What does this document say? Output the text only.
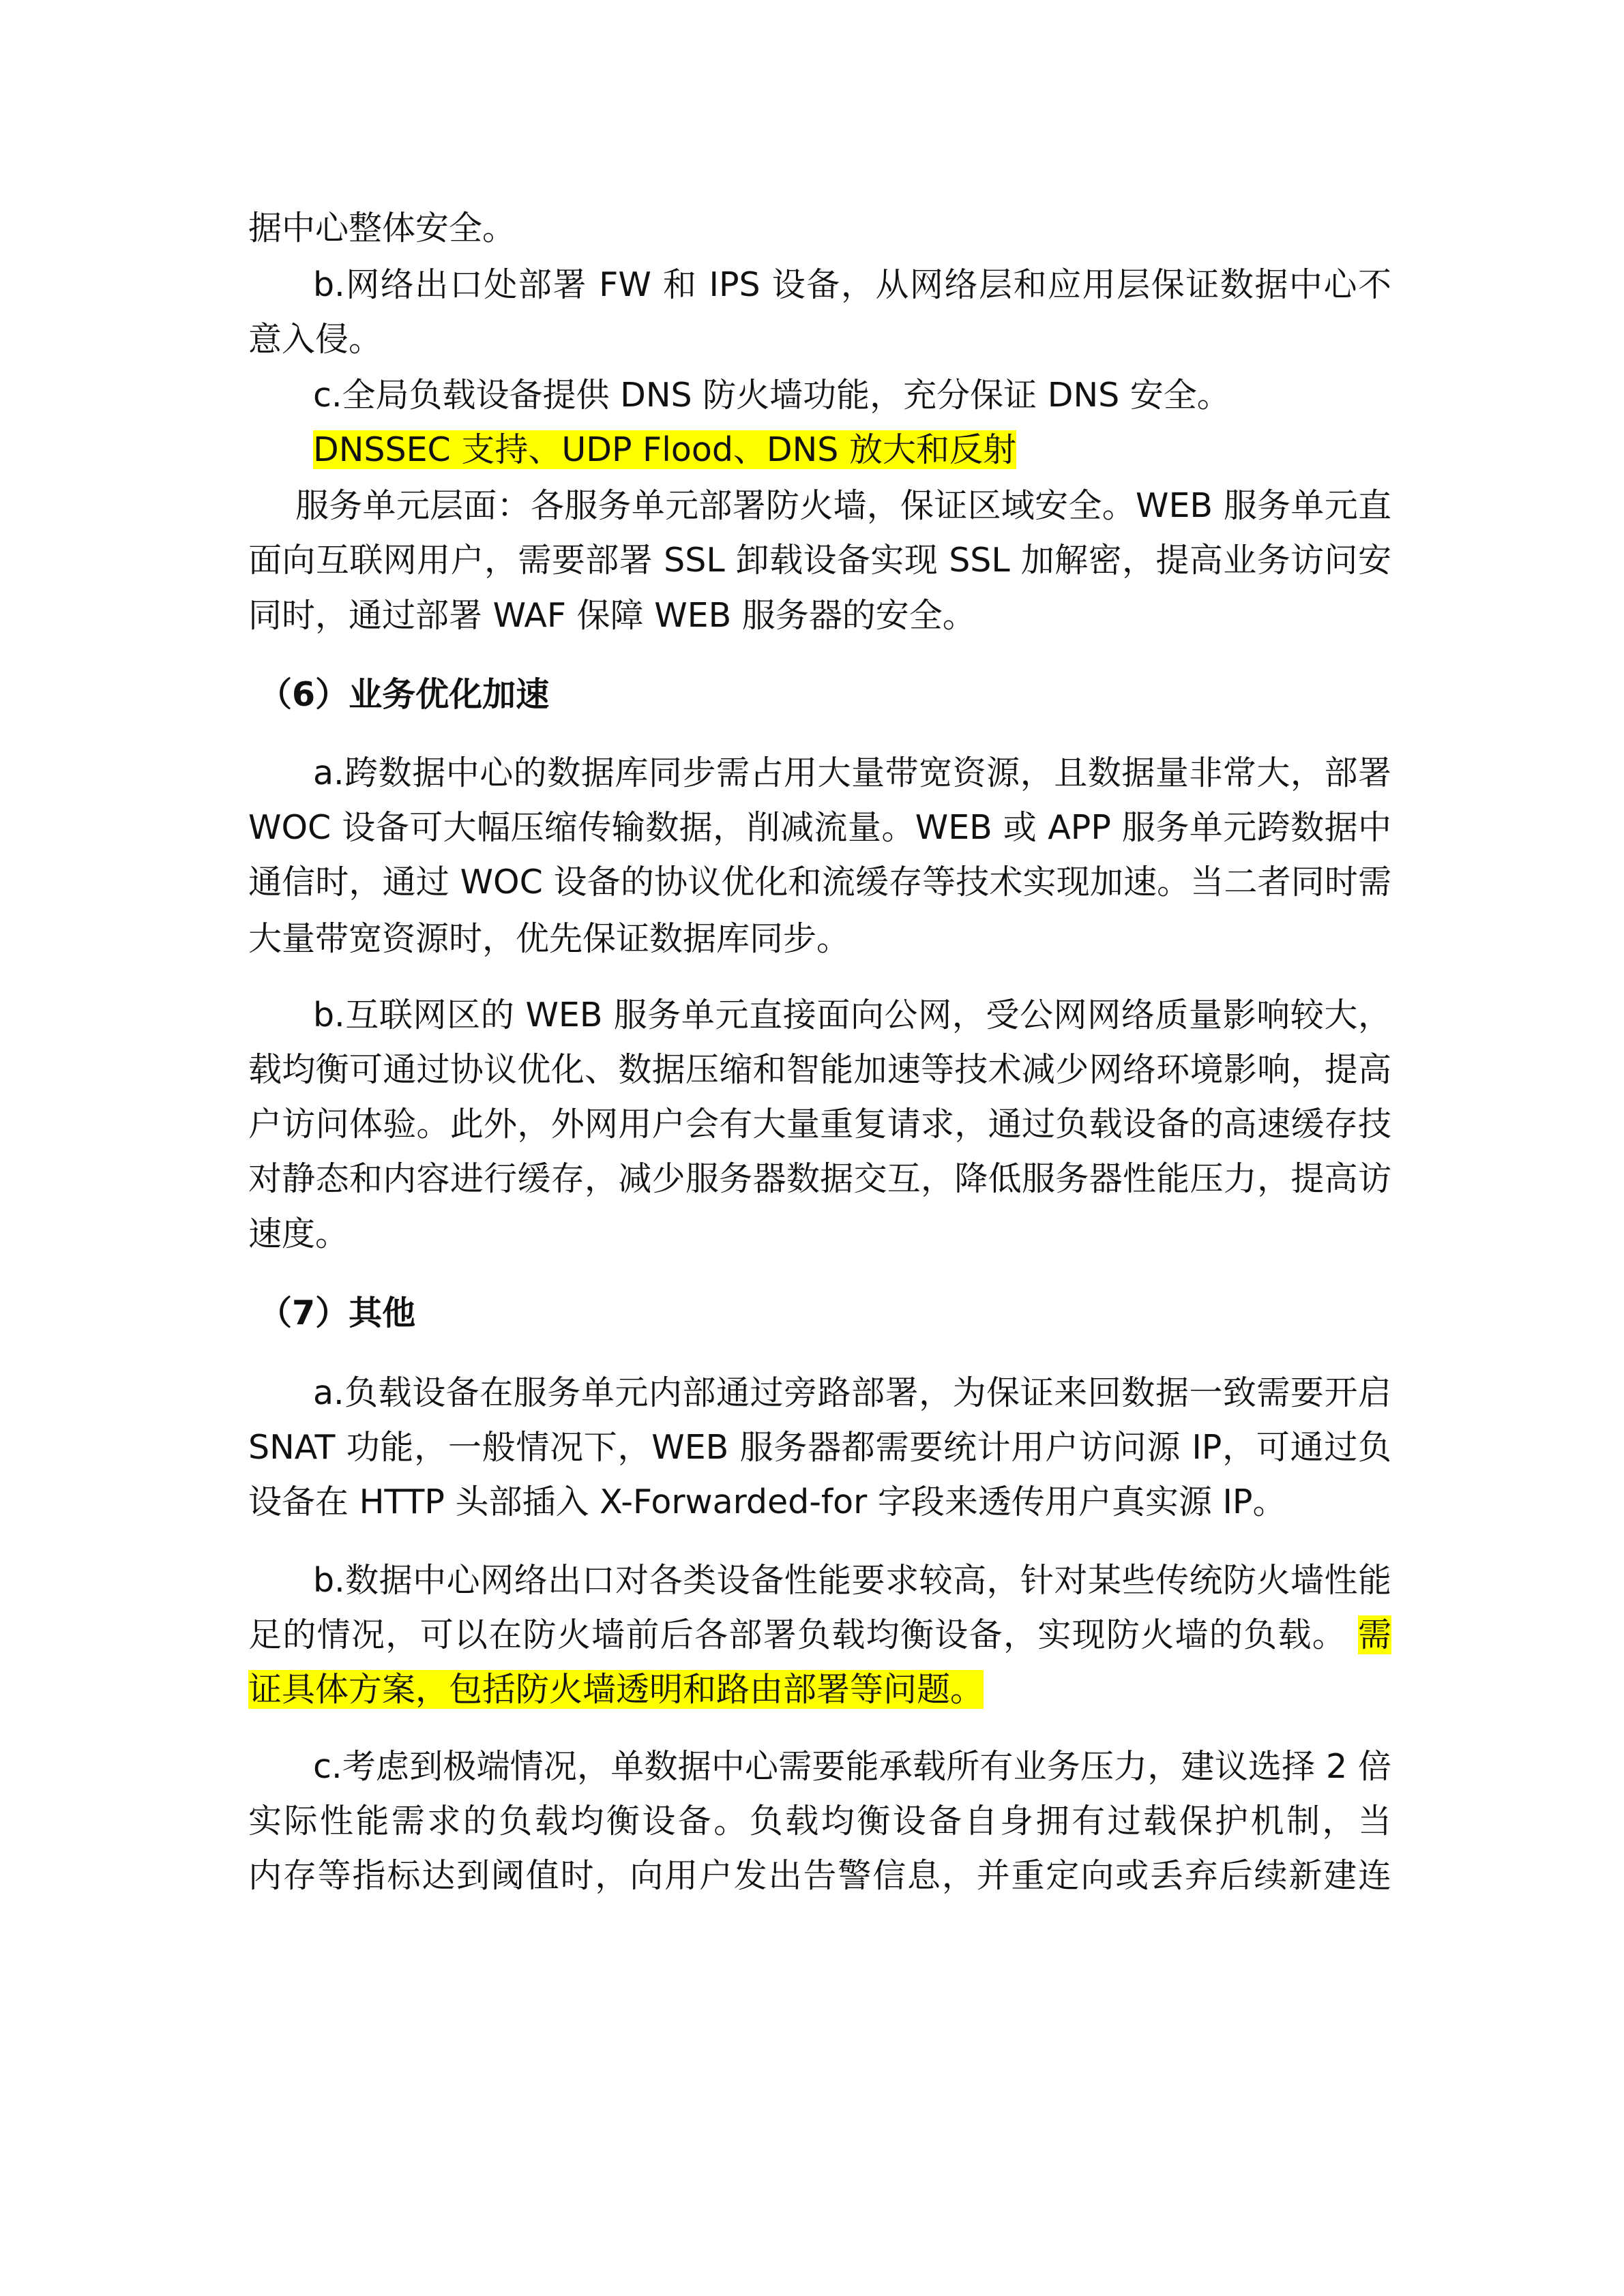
据中心整体安全。
b.网络出口处部署 FW 和 IPS 设备，从网络层和应用层保证数据中心不
意入侵。
c.全局负载设备提供 DNS 防火墙功能，充分保证 DNS 安全。
DNSSEC 支持、UDP Flood、DNS 放大和反射
服务单元层面：各服务单元部署防火墙，保证区域安全。WEB 服务单元直
面向互联网用户，需要部署 SSL 卸载设备实现 SSL 加解密，提高业务访问安
同时，通过部署 WAF 保障 WEB 服务器的安全。
（6）业务优化加速
a.跨数据中心的数据库同步需占用大量带宽资源，且数据量非常大，部署
WOC 设备可大幅压缩传输数据，削减流量。WEB 或 APP 服务单元跨数据中
通信时，通过 WOC 设备的协议优化和流缓存等技术实现加速。当二者同时需
大量带宽资源时，优先保证数据库同步。
b.互联网区的 WEB 服务单元直接面向公网，受公网网络质量影响较大，
载均衡可通过协议优化、数据压缩和智能加速等技术减少网络环境影响，提高
户访问体验。此外，外网用户会有大量重复请求，通过负载设备的高速缓存技
对静态和内容进行缓存，减少服务器数据交互，降低服务器性能压力，提高访
速度。
（7）其他
a.负载设备在服务单元内部通过旁路部署，为保证来回数据一致需要开启
SNAT 功能，一般情况下，WEB 服务器都需要统计用户访问源 IP，可通过负
设备在 HTTP 头部插入 X-Forwarded-for 字段来透传用户真实源 IP。
b.数据中心网络出口对各类设备性能要求较高，针对某些传统防火墙性能
足的情况，可以在防火墙前后各部署负载均衡设备，实现防火墙的负载。 需
证具体方案，包括防火墙透明和路由部署等问题。
c.考虑到极端情况，单数据中心需要能承载所有业务压力，建议选择 2 倍
实际性能需求的负载均衡设备。负载均衡设备自身拥有过载保护机制，当
内存等指标达到阈值时，向用户发出告警信息，并重定向或丢弃后续新建连
